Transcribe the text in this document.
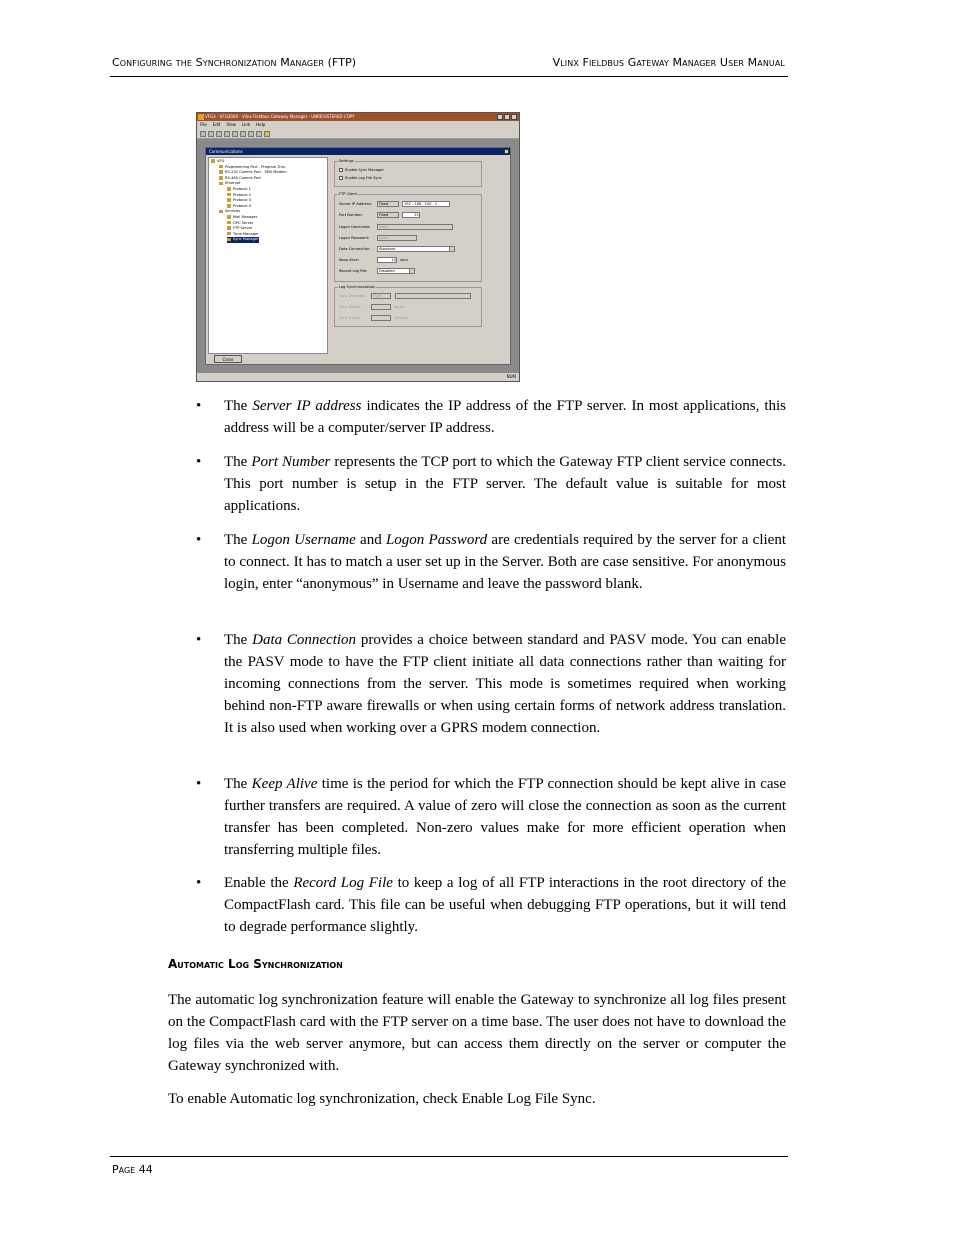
Configuring the Synchronization Manager (FTP)	Vlinx Fieldbus Gateway Manager User Manual
VFG3 - VFG3000 - Vlinx Fieldbus Gateway Manager - UNREGISTERED COPY
File Edit View Link Help
Communications
VFG
Programming Port - Program-Thru
RS-232 Comms Port - SMS Modem
RS-485 Comms Port
Ethernet
Protocol 1
Protocol 2
Protocol 3
Protocol 4
Services
Mail Manager
OPC Server
FTP Server
Time Manager
Sync Manager
Close
Settings
Enable Sync Manager
Enable Log File Sync
FTP Client
Server IP Address:	Fixed	192 . 168 . 100 . 1
Port Number:	Fixed	21
Logon Username:	None
Logon Password:	None
Data Connection:	Standard
Keep Alive:	10 secs
Record Log File:	Disabled
Log Synchronization
Sync Directory:	Fixed
Sync Period:	hours
Sync Delay:	minutes
NUM
• The Server IP address indicates the IP address of the FTP server. In most applications, this address will be a computer/server IP address.
• The Port Number represents the TCP port to which the Gateway FTP client service connects. This port number is setup in the FTP server. The default value is suitable for most applications.
• The Logon Username and Logon Password are credentials required by the server for a client to connect. It has to match a user set up in the Server. Both are case sensitive. For anonymous login, enter “anonymous” in Username and leave the password blank.
• The Data Connection provides a choice between standard and PASV mode. You can enable the PASV mode to have the FTP client initiate all data connections rather than waiting for incoming connections from the server. This mode is sometimes required when working behind non-FTP aware firewalls or when using certain forms of network address translation. It is also used when working over a GPRS modem connection.
• The Keep Alive time is the period for which the FTP connection should be kept alive in case further transfers are required. A value of zero will close the connection as soon as the current transfer has been completed. Non-zero values make for more efficient operation when transferring multiple files.
• Enable the Record Log File to keep a log of all FTP interactions in the root directory of the CompactFlash card. This file can be useful when debugging FTP operations, but it will tend to degrade performance slightly.
Automatic Log Synchronization

The automatic log synchronization feature will enable the Gateway to synchronize all log files present on the CompactFlash card with the FTP server on a time base. The user does not have to download the log files via the web server anymore, but can access them directly on the server or computer the Gateway synchronized with.

To enable Automatic log synchronization, check Enable Log File Sync.

Page 44
